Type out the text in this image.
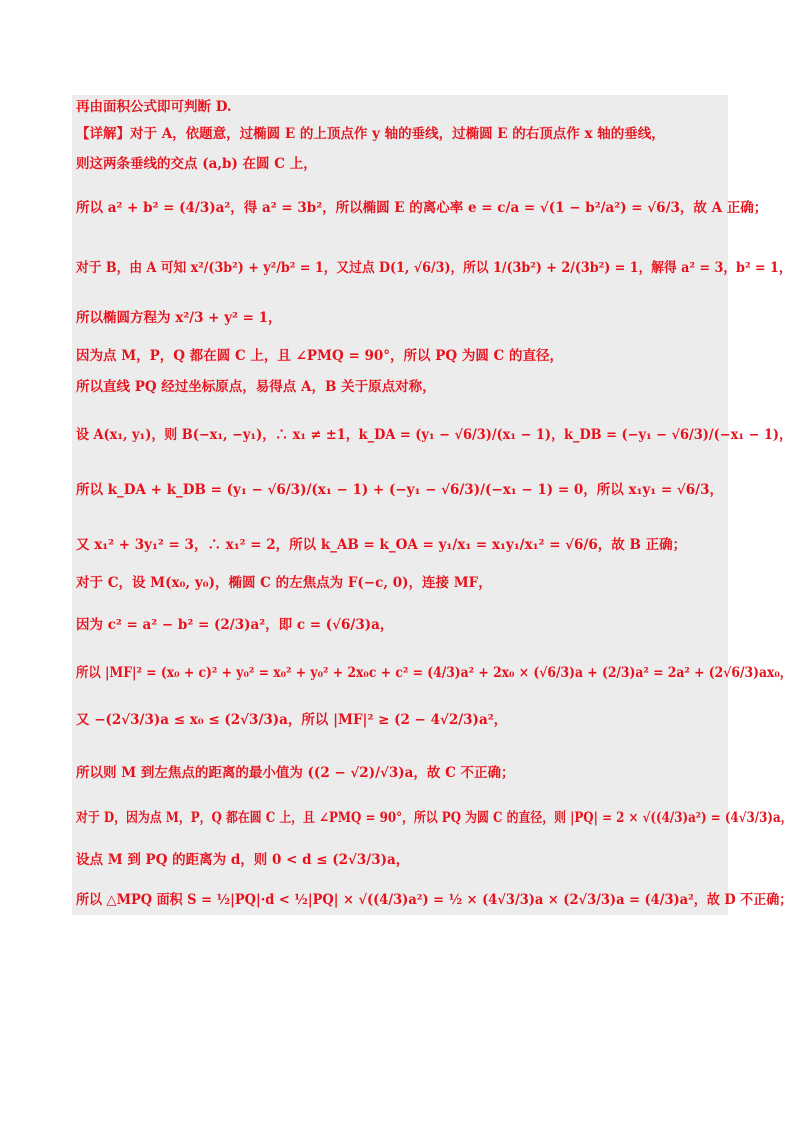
再由面积公式即可判断 D.
【详解】对于 A，依题意，过椭圆 E 的上顶点作 y 轴的垂线，过椭圆 E 的右顶点作 x 轴的垂线，
则这两条垂线的交点 (a,b) 在圆 C 上，
所以 a² + b² = (4/3)a²，得 a² = 3b²，所以椭圆 E 的离心率 e = c/a = √(1 − b²/a²) = √6/3，故 A 正确；
对于 B，由 A 可知 x²/(3b²) + y²/b² = 1，又过点 D(1, √6/3)，所以 1/(3b²) + 2/(3b²) = 1，解得 a² = 3，b² = 1，
所以椭圆方程为 x²/3 + y² = 1，
因为点 M，P，Q 都在圆 C 上，且 ∠PMQ = 90°，所以 PQ 为圆 C 的直径，
所以直线 PQ 经过坐标原点，易得点 A，B 关于原点对称，
设 A(x₁, y₁)，则 B(−x₁, −y₁)，∴ x₁ ≠ ±1，k_DA = (y₁ − √6/3)/(x₁ − 1)，k_DB = (−y₁ − √6/3)/(−x₁ − 1)，
所以 k_DA + k_DB = (y₁ − √6/3)/(x₁ − 1) + (−y₁ − √6/3)/(−x₁ − 1) = 0，所以 x₁y₁ = √6/3，
又 x₁² + 3y₁² = 3，∴ x₁² = 2，所以 k_AB = k_OA = y₁/x₁ = x₁y₁/x₁² = √6/6，故 B 正确；
对于 C，设 M(x₀, y₀)，椭圆 C 的左焦点为 F(−c, 0)，连接 MF，
因为 c² = a² − b² = (2/3)a²，即 c = (√6/3)a，
所以 |MF|² = (x₀ + c)² + y₀² = x₀² + y₀² + 2x₀c + c² = (4/3)a² + 2x₀ × (√6/3)a + (2/3)a² = 2a² + (2√6/3)ax₀，
又 −(2√3/3)a ≤ x₀ ≤ (2√3/3)a，所以 |MF|² ≥ (2 − 4√2/3)a²，
所以则 M 到左焦点的距离的最小值为 ((2 − √2)/√3)a，故 C 不正确；
对于 D，因为点 M，P，Q 都在圆 C 上，且 ∠PMQ = 90°，所以 PQ 为圆 C 的直径，则 |PQ| = 2 × √((4/3)a²) = (4√3/3)a，
设点 M 到 PQ 的距离为 d，则 0 < d ≤ (2√3/3)a，
所以 △MPQ 面积 S = ½|PQ|·d < ½|PQ| × √((4/3)a²) = ½ × (4√3/3)a × (2√3/3)a = (4/3)a²，故 D 不正确；
